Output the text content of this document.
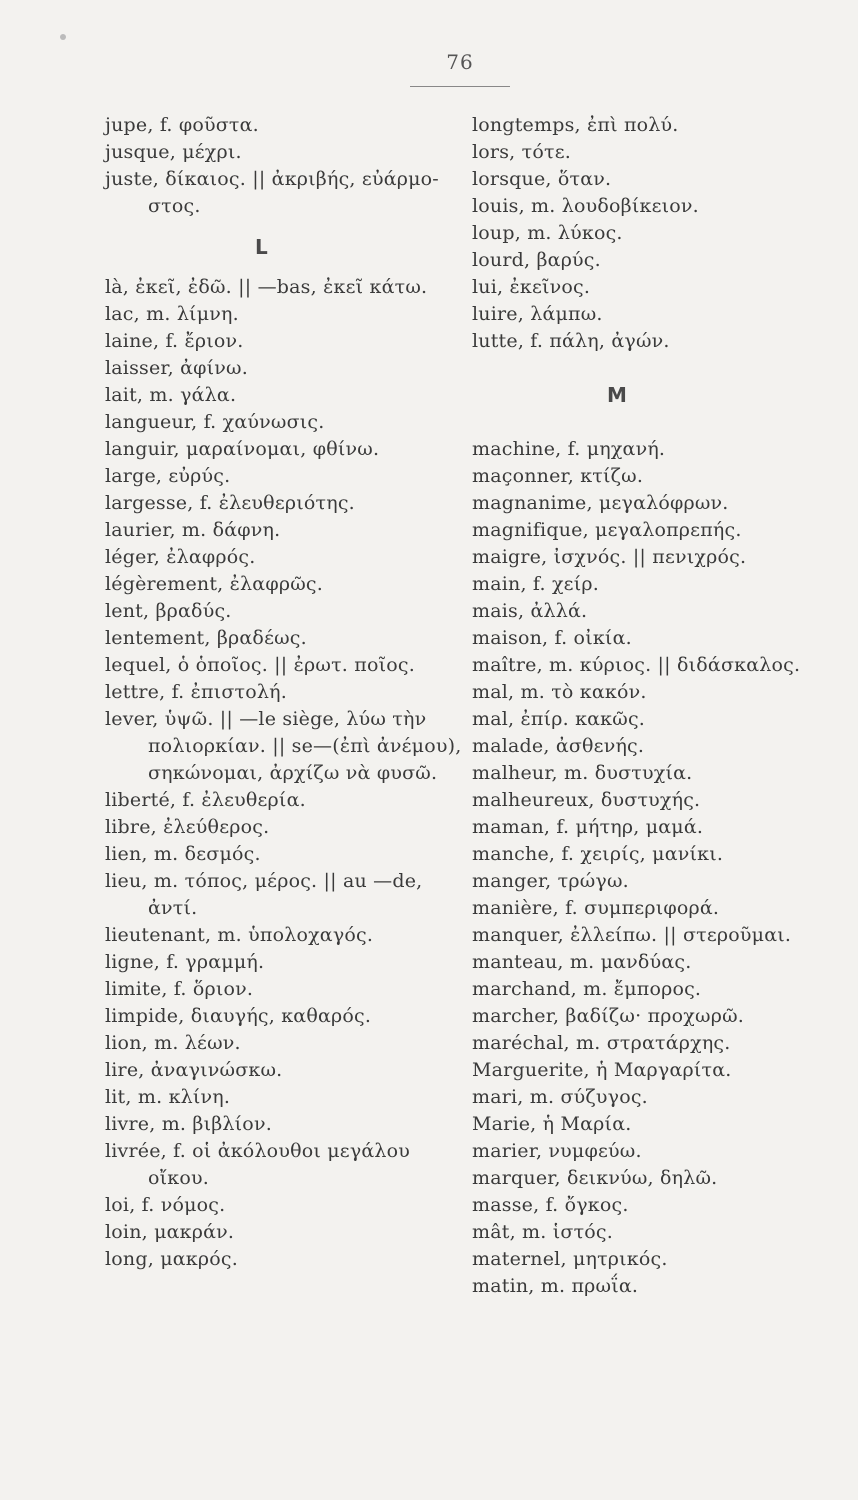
76
jupe, f. φοῦστα.
jusque, μέχρι.
juste, δίκαιος. || ἀκριβής, εὐάρμο-
στος.
L
là, ἐκεῖ, ἐδῶ. || —bas, ἐκεῖ κάτω.
lac, m. λίμνη.
laine, f. ἔριον.
laisser, ἀφίνω.
lait, m. γάλα.
langueur, f. χαύνωσις.
languir, μαραίνομαι, φθίνω.
large, εὐρύς.
largesse, f. ἐλευθεριότης.
laurier, m. δάφνη.
léger, ἐλαφρός.
légèrement, ἐλαφρῶς.
lent, βραδύς.
lentement, βραδέως.
lequel, ὁ ὁποῖος. || ἐρωτ. ποῖος.
lettre, f. ἐπιστολή.
lever, ὑψῶ. || —le siège, λύω τὴν
πολιορκίαν. || se—(ἐπὶ ἀνέμου),
σηκώνομαι, ἀρχίζω νὰ φυσῶ.
liberté, f. ἐλευθερία.
libre, ἐλεύθερος.
lien, m. δεσμός.
lieu, m. τόπος, μέρος. || au —de,
ἀντί.
lieutenant, m. ὑπολοχαγός.
ligne, f. γραμμή.
limite, f. ὅριον.
limpide, διαυγής, καθαρός.
lion, m. λέων.
lire, ἀναγινώσκω.
lit, m. κλίνη.
livre, m. βιβλίον.
livrée, f. οἱ ἀκόλουθοι μεγάλου
οἴκου.
loi, f. νόμος.
loin, μακράν.
long, μακρός.
longtemps, ἐπὶ πολύ.
lors, τότε.
lorsque, ὅταν.
louis, m. λουδοβίκειον.
loup, m. λύκος.
lourd, βαρύς.
lui, ἐκεῖνος.
luire, λάμπω.
lutte, f. πάλη, ἀγών.
M
machine, f. μηχανή.
maçonner, κτίζω.
magnanime, μεγαλόφρων.
magnifique, μεγαλοπρεπής.
maigre, ἰσχνός. || πενιχρός.
main, f. χείρ.
mais, ἀλλά.
maison, f. οἰκία.
maître, m. κύριος. || διδάσκαλος.
mal, m. τὸ κακόν.
mal, ἐπίρ. κακῶς.
malade, ἀσθενής.
malheur, m. δυστυχία.
malheureux, δυστυχής.
maman, f. μήτηρ, μαμά.
manche, f. χειρίς, μανίκι.
manger, τρώγω.
manière, f. συμπεριφορά.
manquer, ἐλλείπω. || στεροῦμαι.
manteau, m. μανδύας.
marchand, m. ἔμπορος.
marcher, βαδίζω· προχωρῶ.
maréchal, m. στρατάρχης.
Marguerite, ἡ Μαργαρίτα.
mari, m. σύζυγος.
Marie, ἡ Μαρία.
marier, νυμφεύω.
marquer, δεικνύω, δηλῶ.
masse, f. ὄγκος.
mât, m. ἱστός.
maternel, μητρικός.
matin, m. πρωΐα.
